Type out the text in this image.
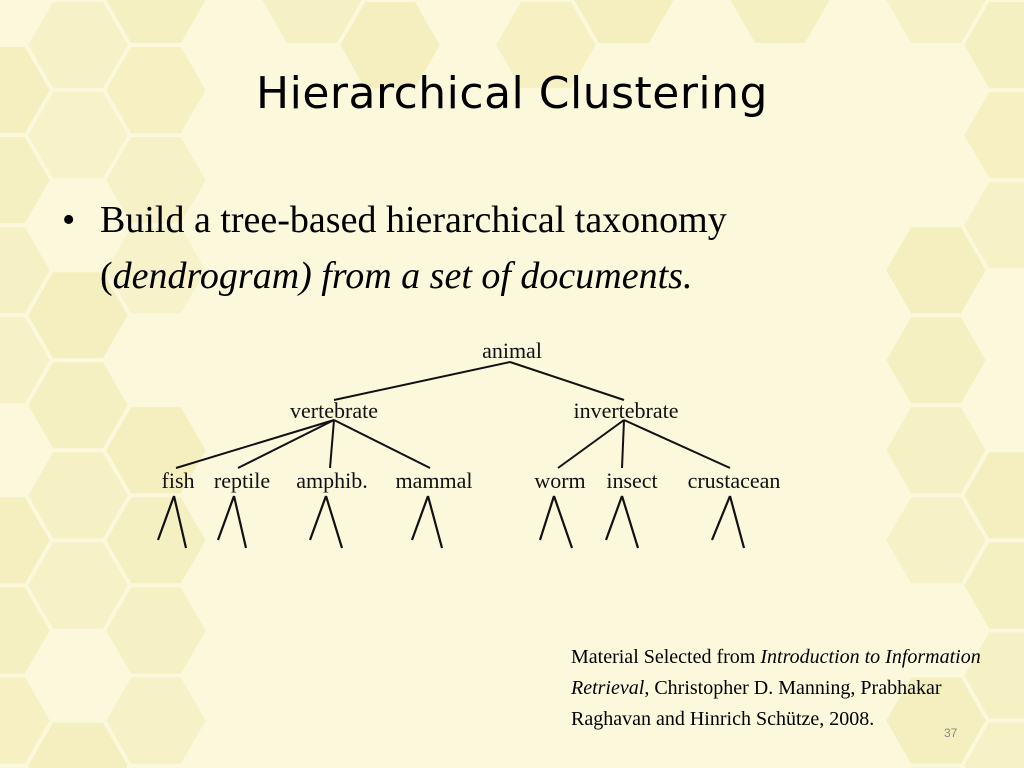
Hierarchical Clustering
• Build a tree-based hierarchical taxonomy
(dendrogram) from a set of documents.
animal
vertebrate	invertebrate
fish reptile amphib. mammal	worm insect crustacean
Material Selected from Introduction to Information Retrieval, Christopher D. Manning, Prabhakar Raghavan and Hinrich Schütze, 2008.
37
